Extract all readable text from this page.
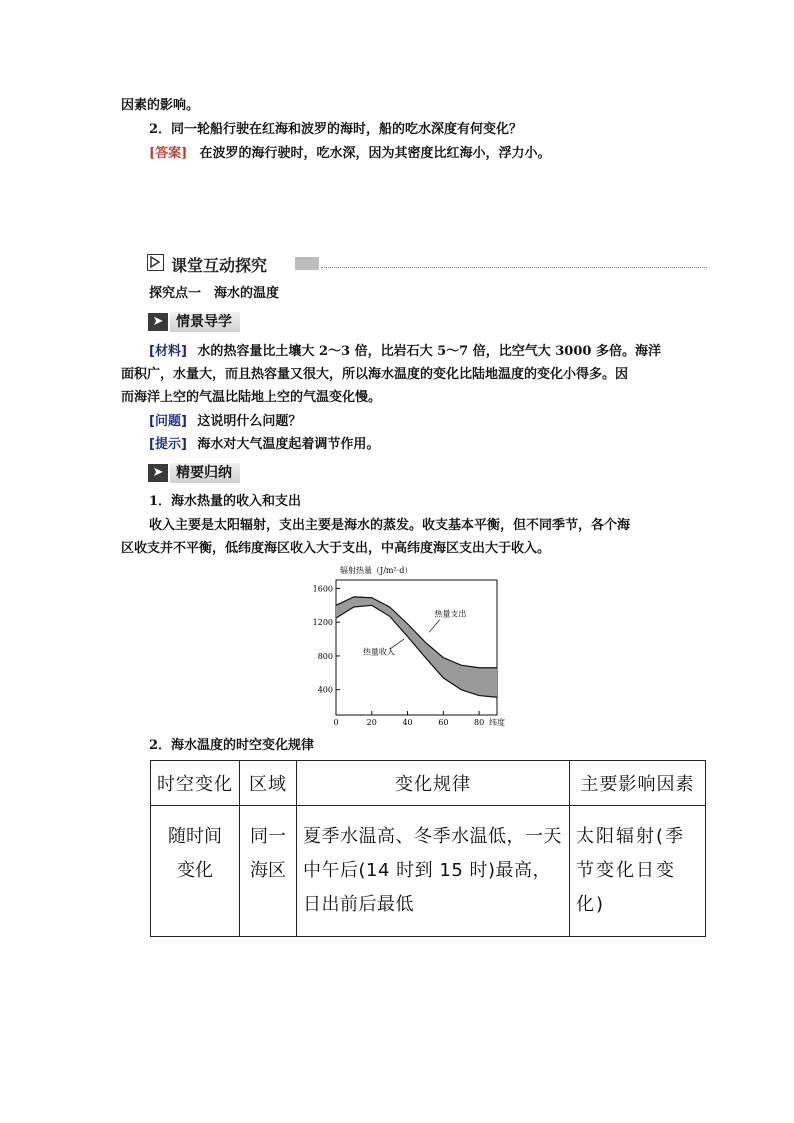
因素的影响。
2．同一轮船行驶在红海和波罗的海时，船的吃水深度有何变化？
[答案] 在波罗的海行驶时，吃水深，因为其密度比红海小，浮力小。
课堂互动探究
探究点一　海水的温度
➤ 情景导学
[材料] 水的热容量比土壤大 2～3 倍，比岩石大 5～7 倍，比空气大 3000 多倍。海洋
面积广，水量大，而且热容量又很大，所以海水温度的变化比陆地温度的变化小得多。因
而海洋上空的气温比陆地上空的气温变化慢。
[问题] 这说明什么问题？
[提示] 海水对大气温度起着调节作用。
➤ 精要归纳
1．海水热量的收入和支出
收入主要是太阳辐射，支出主要是海水的蒸发。收支基本平衡，但不同季节，各个海
区收支并不平衡，低纬度海区收入大于支出，中高纬度海区支出大于收入。
辐射热量（J/m²·d）
400
800
1200
1600
0	20	40	60	80
热量支出
热量收入
纬度
2．海水温度的时空变化规律
时空变化	区域	变化规律	主要影响因素
随时间变化	同一海区	夏季水温高、冬季水温低，一天中午后(14 时到 15 时)最高，日出前后最低	太阳辐射(季节变化日变化)
